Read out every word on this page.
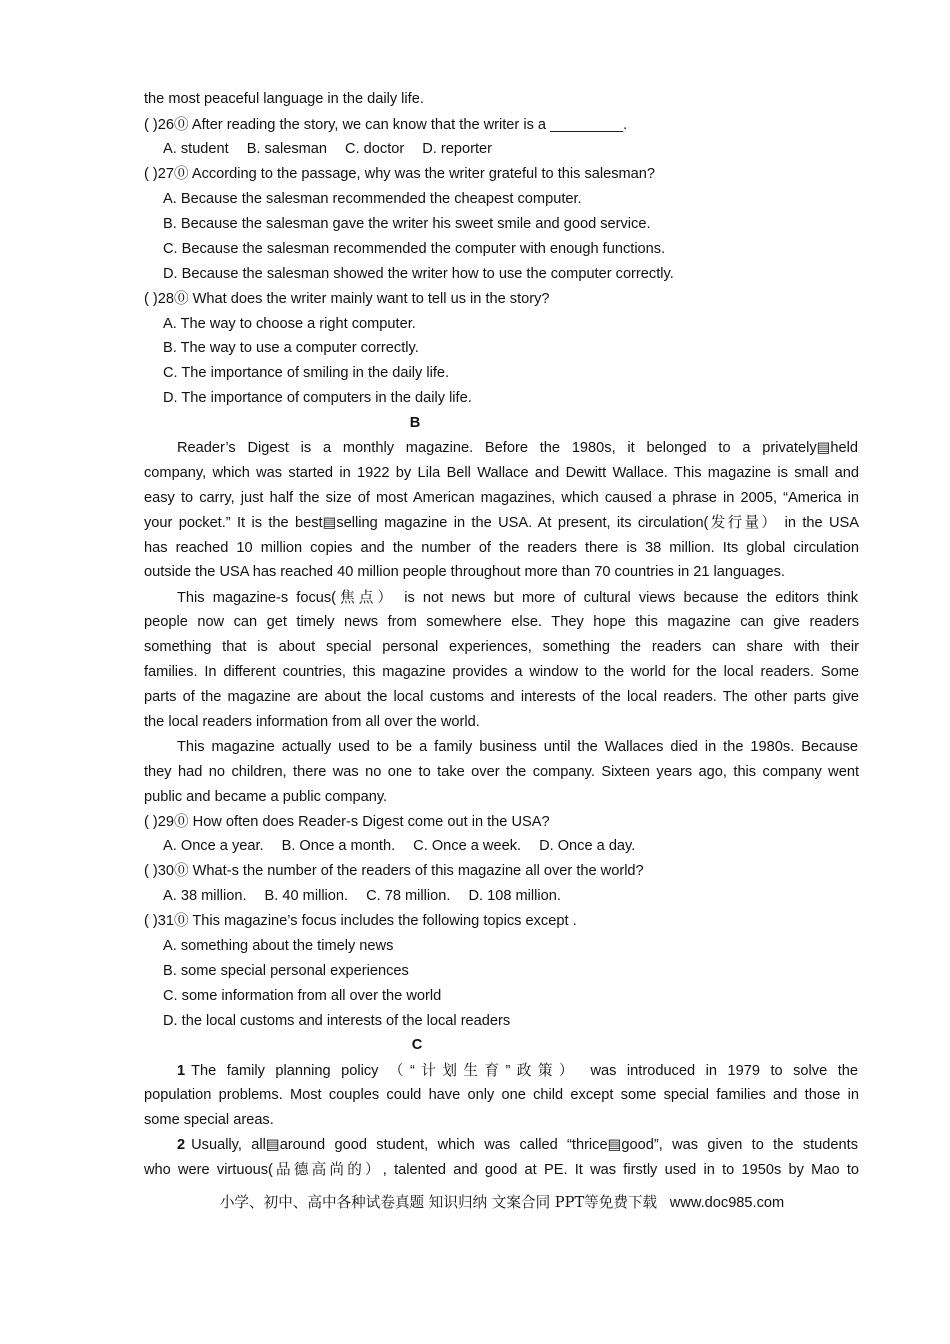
the most peaceful language in the daily life.
( )26⓪ After reading the story, we can know that the writer is a _________.
A. student B. salesman C. doctor D. reporter
( )27⓪ According to the passage, why was the writer grateful to this salesman?
A. Because the salesman recommended the cheapest computer.
B. Because the salesman gave the writer his sweet smile and good service.
C. Because the salesman recommended the computer with enough functions.
D. Because the salesman showed the writer how to use the computer correctly.
( )28⓪ What does the writer mainly want to tell us in the story?
A. The way to choose a right computer.
B. The way to use a computer correctly.
C. The importance of smiling in the daily life.
D. The importance of computers in the daily life.
B
Reader’s Digest is a monthly magazine. Before the 1980s, it belonged to a privately▤held
company, which was started in 1922 by Lila Bell Wallace and Dewitt Wallace. This magazine is small and
easy to carry, just half the size of most American magazines, which caused a phrase in 2005, “America in
your pocket.” It is the best▤selling magazine in the USA. At present, its circulation(发行量） in the USA
has reached 10 million copies and the number of the readers there is 38 million. Its global circulation
outside the USA has reached 40 million people throughout more than 70 countries in 21 languages.
This magazine-s focus(焦点） is not news but more of cultural views because the editors think
people now can get timely news from somewhere else. They hope this magazine can give readers
something that is about special personal experiences, something the readers can share with their
families. In different countries, this magazine provides a window to the world for the local readers. Some
parts of the magazine are about the local customs and interests of the local readers. The other parts give
the local readers information from all over the world.
This magazine actually used to be a family business until the Wallaces died in the 1980s. Because
they had no children, there was no one to take over the company. Sixteen years ago, this company went
public and became a public company.
( )29⓪ How often does Reader-s Digest come out in the USA?
A. Once a year. B. Once a month. C. Once a week. D. Once a day.
( )30⓪ What-s the number of the readers of this magazine all over the world?
A. 38 million. B. 40 million. C. 78 million. D. 108 million.
( )31⓪ This magazine’s focus includes the following topics except .
A. something about the timely news
B. some special personal experiences
C. some information from all over the world
D. the local customs and interests of the local readers
C
1 The family planning policy （“计划生育”政策） was introduced in 1979 to solve the
population problems. Most couples could have only one child except some special families and those in
some special areas.
2 Usually, all▤around good student, which was called “thrice▤good”, was given to the students
who were virtuous(品德高尚的）, talented and good at PE. It was firstly used in to 1950s by Mao to
小学、初中、高中各种试卷真题 知识归纳 文案合同 PPT等免费下载 www.doc985.com
